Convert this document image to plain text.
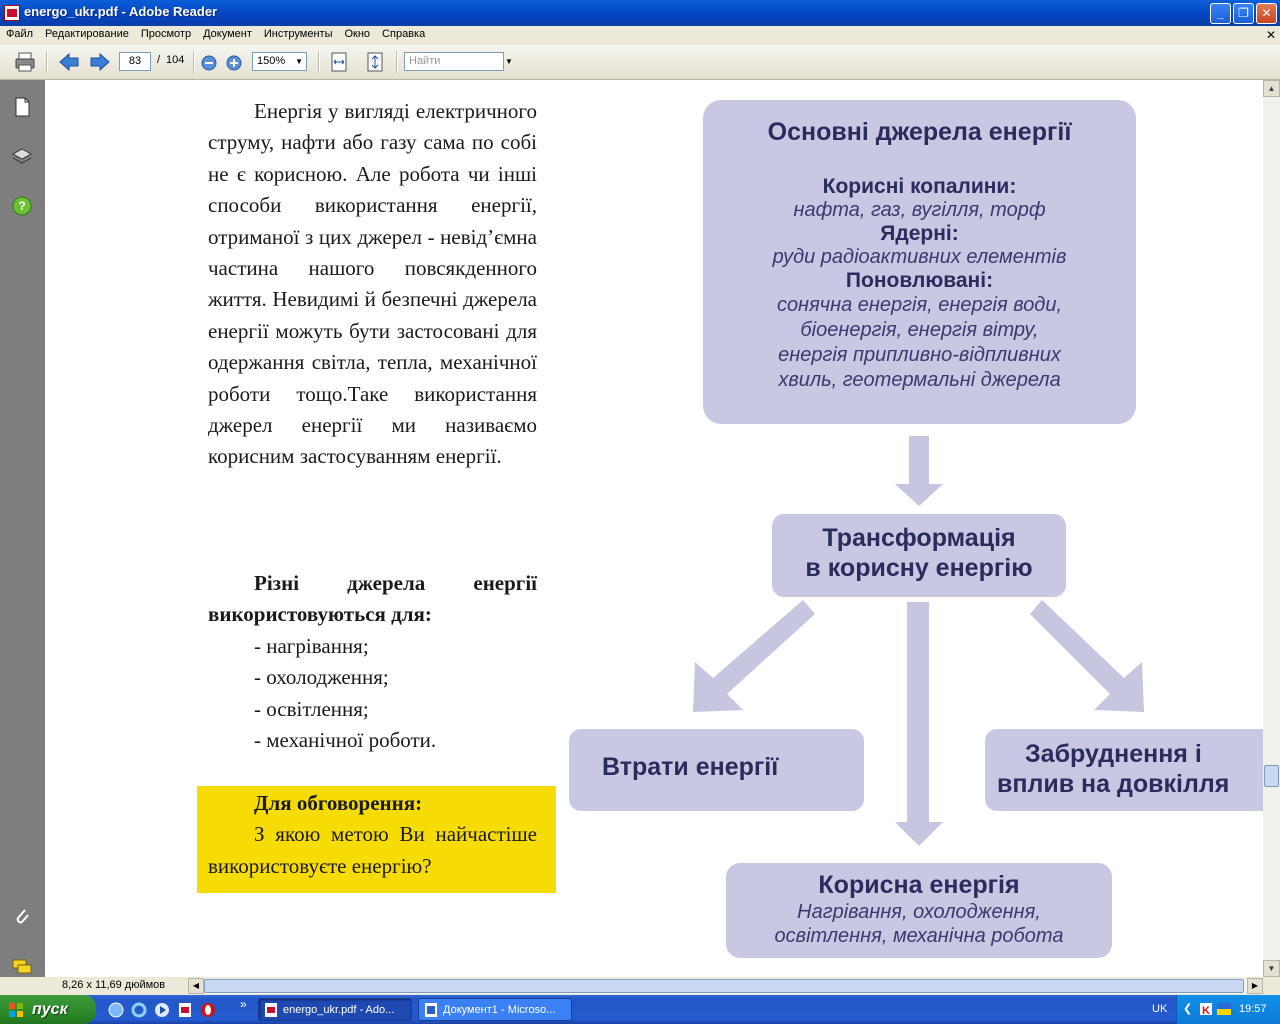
energo_ukr.pdf - Adobe Reader	_	❐	✕
Файл Редактирование Просмотр Документ Инструменты Окно Справка	✕
83	/ 104	150% ▼	Найти	▼
?

Енергія у вигляді електричного струму, нафти або газу сама по собі не є корисною. Але робота чи інші способи використання енергії, отриманої з цих джерел - невід’ємна частина нашого повсякденного життя. Невидимі й безпечні джерела енергії можуть бути застосовані для одержання світла, тепла, механічної роботи тощо.Таке використання джерел енергії ми називаємо корисним застосуванням енергії.

Різні джерела енергії використовуються для:

- нагрівання;

- охолодження;

- освітлення;

- механічної роботи.

Для обговорення:

З якою метою Ви найчастіше використовуєте енергію?

Основні джерела енергії
Корисні копалини:
нафта, газ, вугілля, торф
Ядерні:
руди радіоактивних елементів
Поновлювані:
сонячна енергія, енергія води,
біоенергія, енергія вітру,
енергія припливно-відпливних
хвиль, геотермальні джерела
Трансформація
в корисну енергію
Втрати енергії	Забруднення і
вплив на довкілля
Корисна енергія
Нагрівання, охолодження,
освітлення, механічна робота
▲
▼
8,26 x 11,69 дюймов	◀	▶
пуск	»	energo_ukr.pdf - Ado...	Документ1 - Microso...	UK ❮ K	19:57
